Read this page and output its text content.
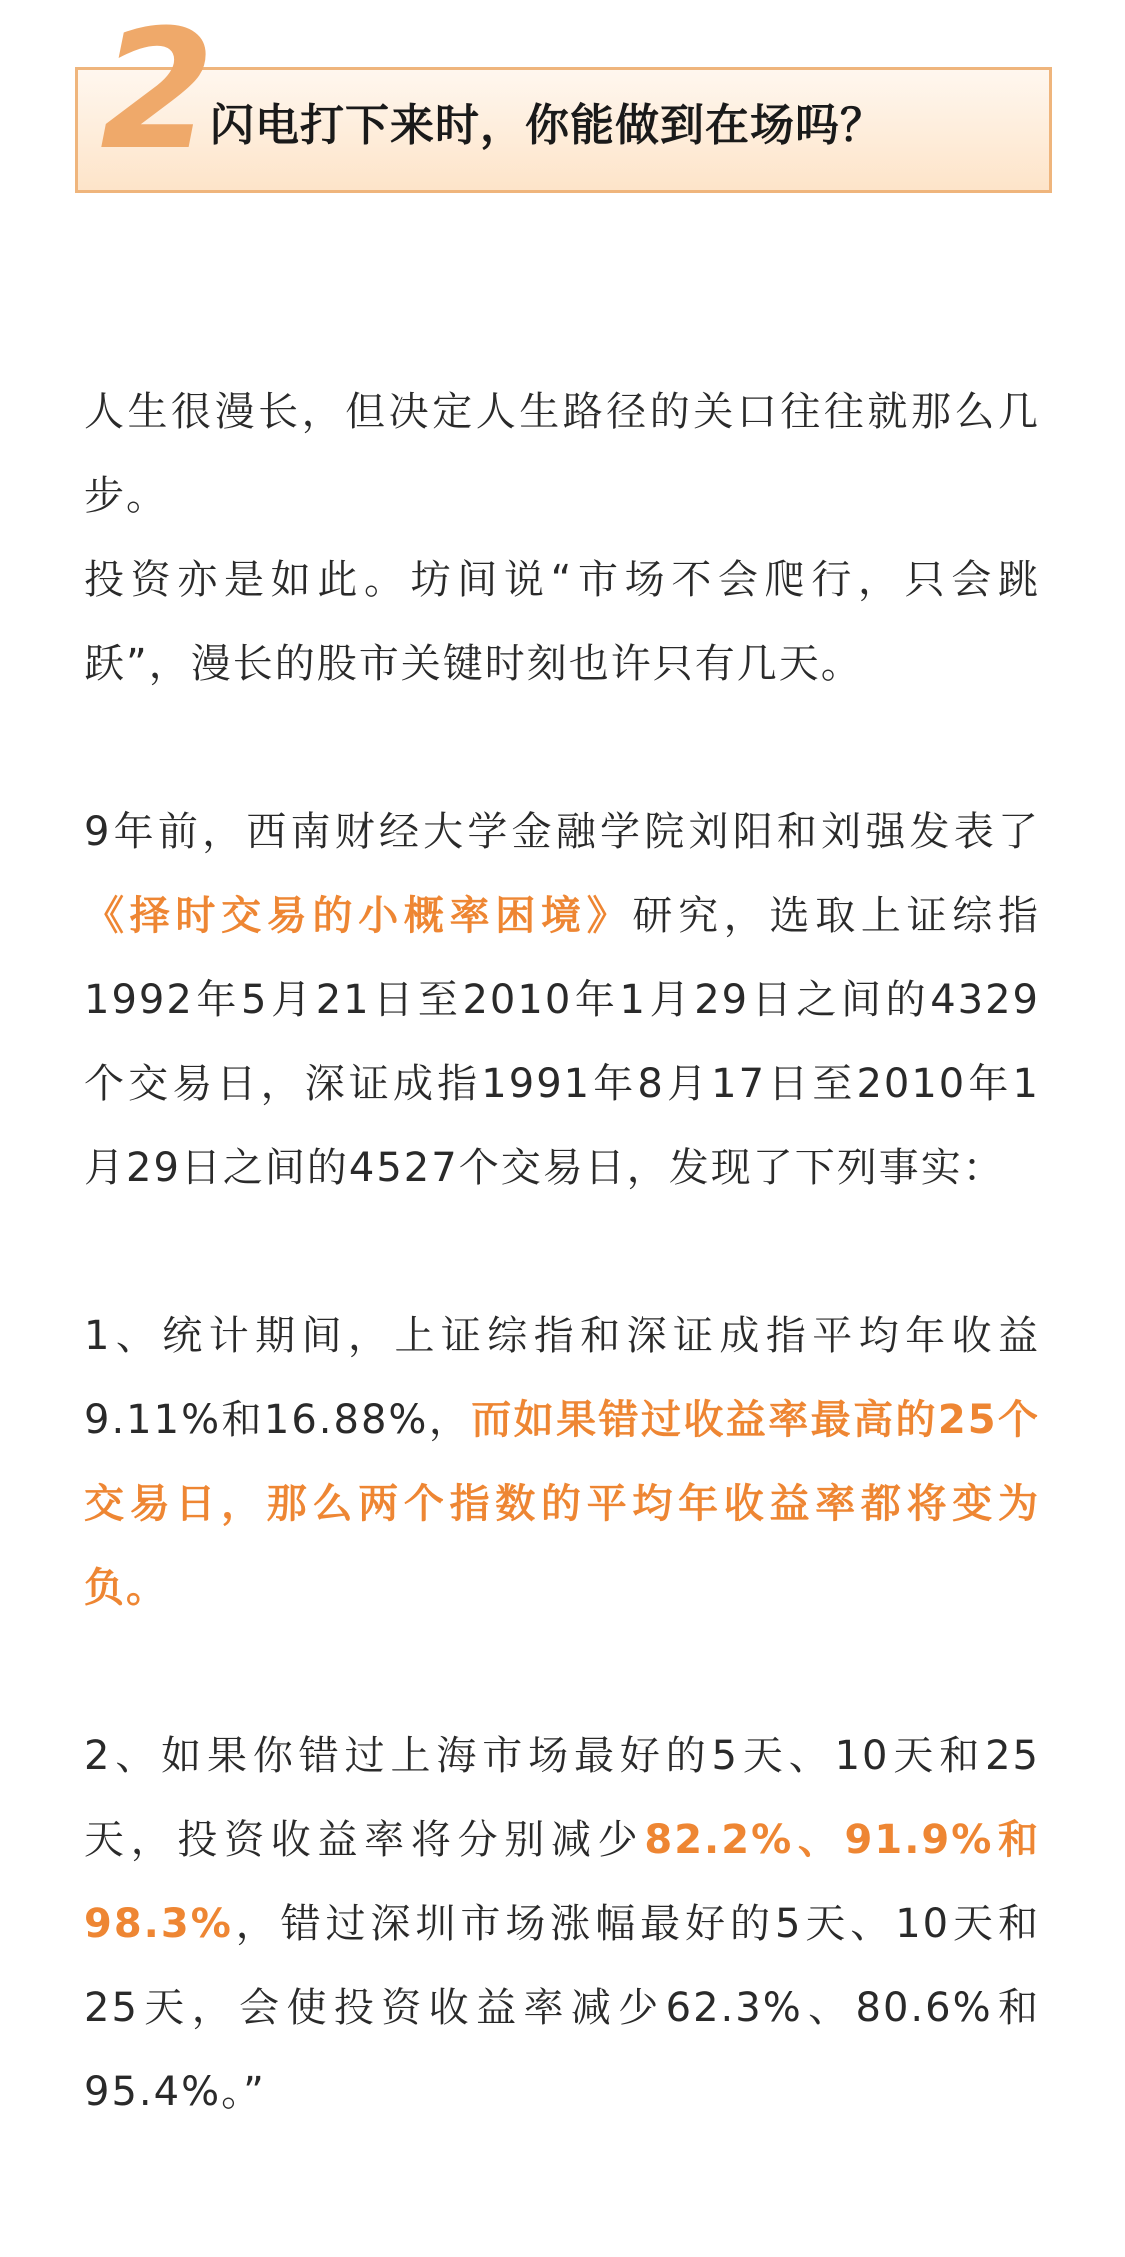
2
闪电打下来时，你能做到在场吗？

人生很漫长，但决定人生路径的关口往往就那么几步。
投资亦是如此。坊间说“市场不会爬行，只会跳跃”，漫长的股市关键时刻也许只有几天。

9年前，西南财经大学金融学院刘阳和刘强发表了《择时交易的小概率困境》研究，选取上证综指1992年5月21日至2010年1月29日之间的4329个交易日，深证成指1991年8月17日至2010年1月29日之间的4527个交易日，发现了下列事实：

1、统计期间，上证综指和深证成指平均年收益9.11%和16.88%，而如果错过收益率最高的25个交易日，那么两个指数的平均年收益率都将变为负。

2、如果你错过上海市场最好的5天、10天和25天，投资收益率将分别减少82.2%、91.9%和98.3%，错过深圳市场涨幅最好的5天、10天和25天，会使投资收益率减少62.3%、80.6%和95.4%。”
